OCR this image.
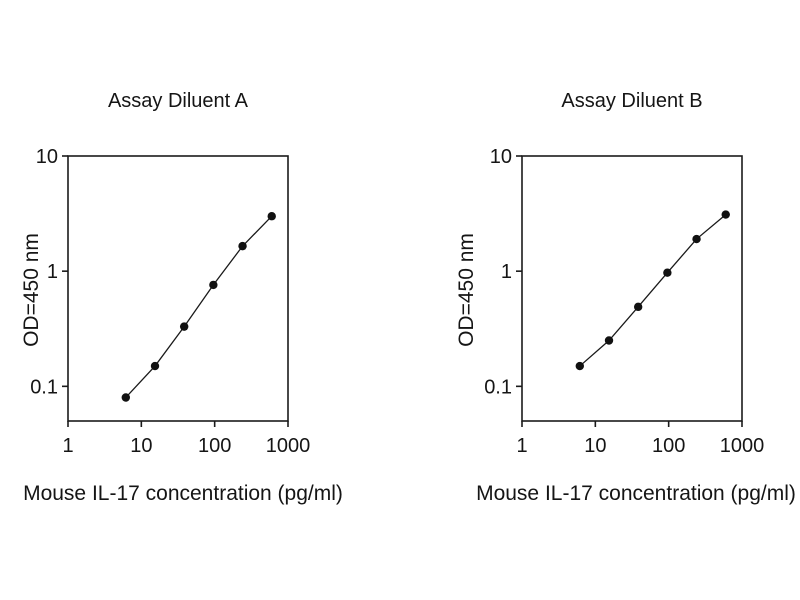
1	10 100 1000
10
1
0.1
1	10 100 1000
10
1
0.1
Assay Diluent A	Assay Diluent B
OD=450 nm	OD=450 nm
Mouse IL-17 concentration (pg/ml)	Mouse IL-17 concentration (pg/ml)
